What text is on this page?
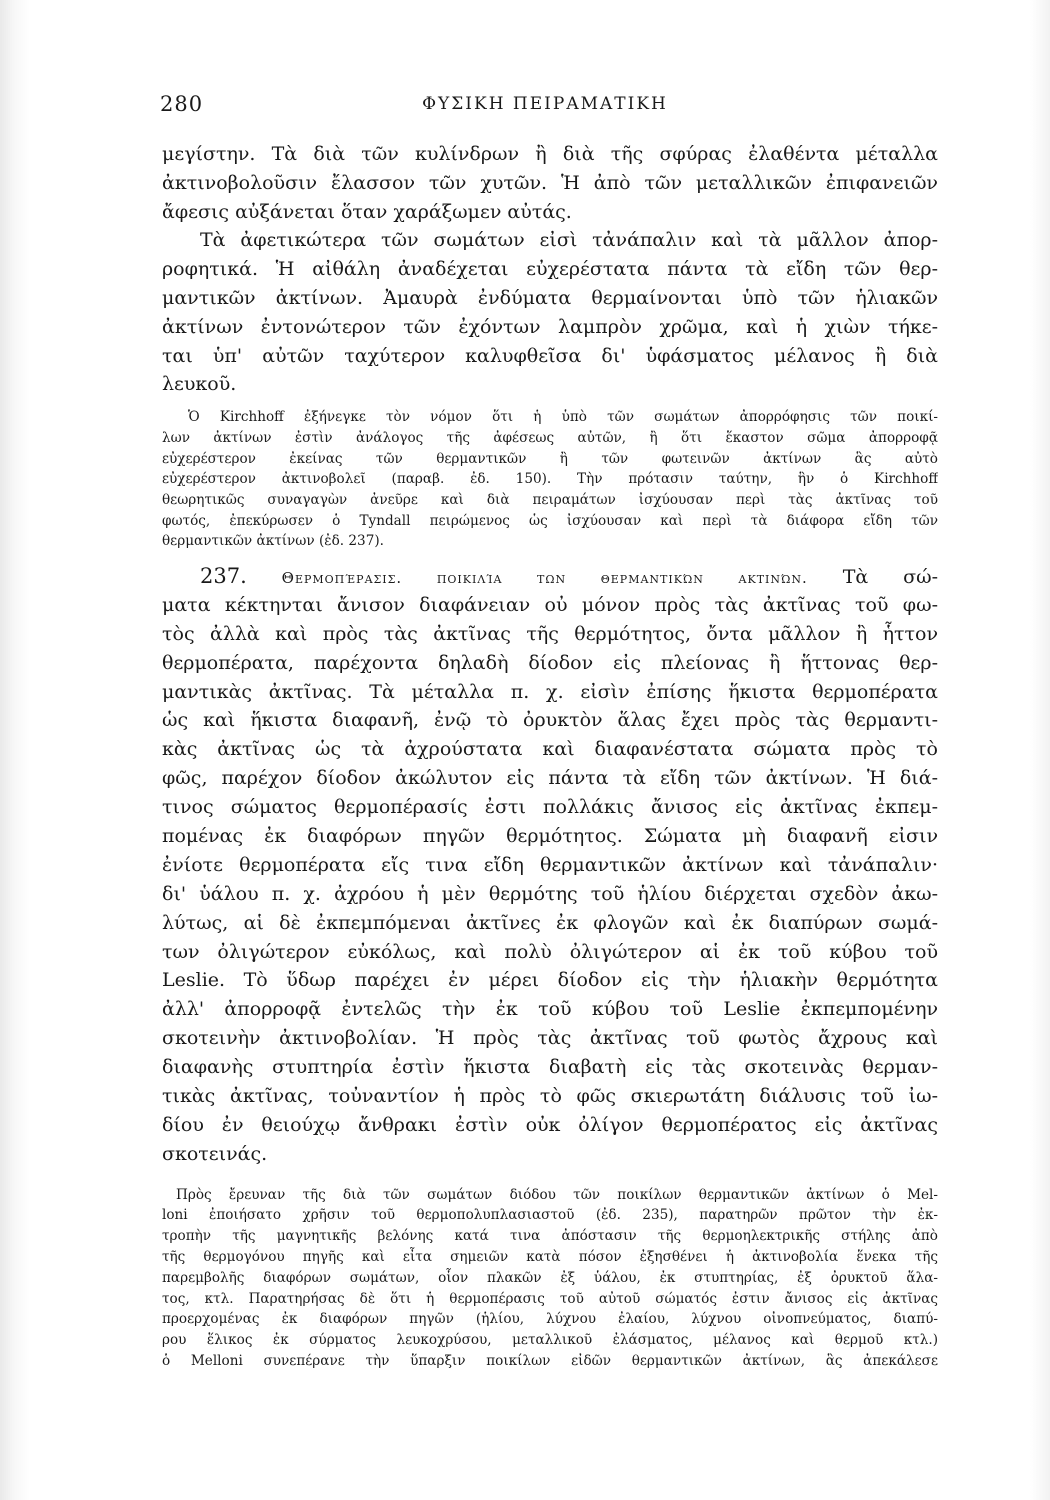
280	ΦΥΣΙΚΗ ΠΕΙΡΑΜΑΤΙΚΗ
μεγίστην. Τὰ διὰ τῶν κυλίνδρων ἢ διὰ τῆς σφύρας ἐλαθέντα μέταλλα
ἀκτινοβολοῦσιν ἔλασσον τῶν χυτῶν. Ἡ ἀπὸ τῶν μεταλλικῶν ἐπιφανειῶν
ἄφεσις αὐξάνεται ὅταν χαράξωμεν αὐτάς.
Τὰ ἀφετικώτερα τῶν σωμάτων εἰσὶ τἀνάπαλιν καὶ τὰ μᾶλλον ἀπορ-
ροφητικά. Ἡ αἰθάλη ἀναδέχεται εὐχερέστατα πάντα τὰ εἴδη τῶν θερ-
μαντικῶν ἀκτίνων. Ἀμαυρὰ ἐνδύματα θερμαίνονται ὑπὸ τῶν ἡλιακῶν
ἀκτίνων ἐντονώτερον τῶν ἐχόντων λαμπρὸν χρῶμα, καὶ ἡ χιὼν τήκε-
ται ὑπ' αὐτῶν ταχύτερον καλυφθεῖσα δι' ὑφάσματος μέλανος ἢ διὰ
λευκοῦ.
Ὁ Kirchhoff ἐξήνεγκε τὸν νόμον ὅτι ἡ ὑπὸ τῶν σωμάτων ἀπορρόφησις τῶν ποικί-
λων ἀκτίνων ἐστὶν ἀνάλογος τῆς ἀφέσεως αὐτῶν, ἢ ὅτι ἕκαστον σῶμα ἀπορροφᾷ
εὐχερέστερον ἐκείνας τῶν θερμαντικῶν ἢ τῶν φωτεινῶν ἀκτίνων ἃς αὐτὸ
εὐχερέστερον ἀκτινοβολεῖ (παραβ. ἐδ. 150). Τὴν πρότασιν ταύτην, ἣν ὁ Kirchhoff
θεωρητικῶς συναγαγὼν ἀνεῦρε καὶ διὰ πειραμάτων ἰσχύουσαν περὶ τὰς ἀκτῖνας τοῦ
φωτός, ἐπεκύρωσεν ὁ Tyndall πειρώμενος ὡς ἰσχύουσαν καὶ περὶ τὰ διάφορα εἴδη τῶν
θερμαντικῶν ἀκτίνων (ἐδ. 237).
237. Θερμοπέρασις. ποικιλία των θερμαντικών ακτινών. Τὰ σώ-
ματα κέκτηνται ἄνισον διαφάνειαν οὐ μόνον πρὸς τὰς ἀκτῖνας τοῦ φω-
τὸς ἀλλὰ καὶ πρὸς τὰς ἀκτῖνας τῆς θερμότητος, ὄντα μᾶλλον ἢ ἧττον
θερμοπέρατα, παρέχοντα δηλαδὴ δίοδον εἰς πλείονας ἢ ἥττονας θερ-
μαντικὰς ἀκτῖνας. Τὰ μέταλλα π. χ. εἰσὶν ἐπίσης ἥκιστα θερμοπέρατα
ὡς καὶ ἥκιστα διαφανῆ, ἐνῷ τὸ ὀρυκτὸν ἅλας ἔχει πρὸς τὰς θερμαντι-
κὰς ἀκτῖνας ὡς τὰ ἀχρούστατα καὶ διαφανέστατα σώματα πρὸς τὸ
φῶς, παρέχον δίοδον ἀκώλυτον εἰς πάντα τὰ εἴδη τῶν ἀκτίνων. Ἡ διά-
τινος σώματος θερμοπέρασίς ἐστι πολλάκις ἄνισος εἰς ἀκτῖνας ἐκπεμ-
πομένας ἐκ διαφόρων πηγῶν θερμότητος. Σώματα μὴ διαφανῆ εἰσιν
ἐνίοτε θερμοπέρατα εἴς τινα εἴδη θερμαντικῶν ἀκτίνων καὶ τἀνάπαλιν·
δι' ὑάλου π. χ. ἀχρόου ἡ μὲν θερμότης τοῦ ἡλίου διέρχεται σχεδὸν ἀκω-
λύτως, αἱ δὲ ἐκπεμπόμεναι ἀκτῖνες ἐκ φλογῶν καὶ ἐκ διαπύρων σωμά-
των ὀλιγώτερον εὐκόλως, καὶ πολὺ ὀλιγώτερον αἱ ἐκ τοῦ κύβου τοῦ
Leslie. Τὸ ὕδωρ παρέχει ἐν μέρει δίοδον εἰς τὴν ἡλιακὴν θερμότητα
ἀλλ' ἀπορροφᾷ ἐντελῶς τὴν ἐκ τοῦ κύβου τοῦ Leslie ἐκπεμπομένην
σκοτεινὴν ἀκτινοβολίαν. Ἡ πρὸς τὰς ἀκτῖνας τοῦ φωτὸς ἄχρους καὶ
διαφανὴς στυπτηρία ἐστὶν ἥκιστα διαβατὴ εἰς τὰς σκοτεινὰς θερμαν-
τικὰς ἀκτῖνας, τοὐναντίον ἡ πρὸς τὸ φῶς σκιερωτάτη διάλυσις τοῦ ἰω-
δίου ἐν θειούχῳ ἄνθρακι ἐστὶν οὐκ ὀλίγον θερμοπέρατος εἰς ἀκτῖνας
σκοτεινάς.
Πρὸς ἔρευναν τῆς διὰ τῶν σωμάτων διόδου τῶν ποικίλων θερμαντικῶν ἀκτίνων ὁ Mel-
loni ἐποιήσατο χρῆσιν τοῦ θερμοπολυπλασιαστοῦ (ἐδ. 235), παρατηρῶν πρῶτον τὴν ἐκ-
τροπὴν τῆς μαγνητικῆς βελόνης κατά τινα ἀπόστασιν τῆς θερμοηλεκτρικῆς στήλης ἀπὸ
τῆς θερμογόνου πηγῆς καὶ εἶτα σημειῶν κατὰ πόσον ἐξησθένει ἡ ἀκτινοβολία ἕνεκα τῆς
παρεμβολῆς διαφόρων σωμάτων, οἷον πλακῶν ἐξ ὑάλου, ἐκ στυπτηρίας, ἐξ ὀρυκτοῦ ἅλα-
τος, κτλ. Παρατηρήσας δὲ ὅτι ἡ θερμοπέρασις τοῦ αὐτοῦ σώματός ἐστιν ἄνισος εἰς ἀκτῖνας
προερχομένας ἐκ διαφόρων πηγῶν (ἡλίου, λύχνου ἐλαίου, λύχνου οἰνοπνεύματος, διαπύ-
ρου ἕλικος ἐκ σύρματος λευκοχρύσου, μεταλλικοῦ ἐλάσματος, μέλανος καὶ θερμοῦ κτλ.)
ὁ Melloni συνεπέρανε τὴν ὕπαρξιν ποικίλων εἰδῶν θερμαντικῶν ἀκτίνων, ἃς ἀπεκάλεσε
